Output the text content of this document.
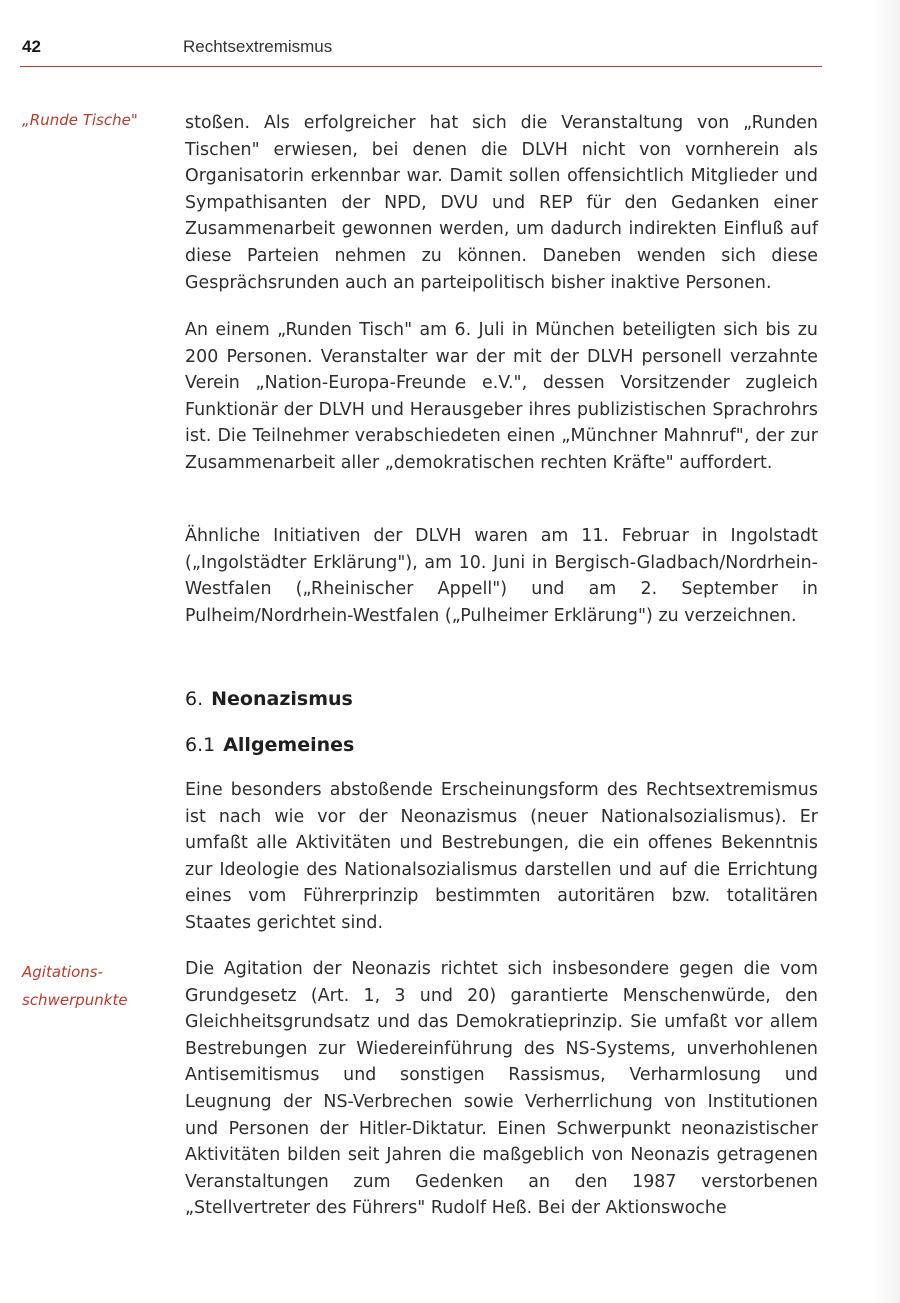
42	Rechtsextremismus
„Runde Tische"	stoßen. Als erfolgreicher hat sich die Veranstaltung von „Runden Tischen" erwiesen, bei denen die DLVH nicht von vornherein als Organisatorin erkennbar war. Damit sollen offensichtlich Mitglieder und Sympathisanten der NPD, DVU und REP für den Gedanken einer Zusammenarbeit gewonnen werden, um dadurch indirekten Einfluß auf diese Parteien nehmen zu können. Daneben wenden sich diese Gesprächsrunden auch an parteipolitisch bisher inaktive Personen.
An einem „Runden Tisch" am 6. Juli in München beteiligten sich bis zu 200 Personen. Veranstalter war der mit der DLVH personell verzahnte Verein „Nation-Europa-Freunde e.V.", dessen Vorsitzender zugleich Funktionär der DLVH und Herausgeber ihres publizistischen Sprachrohrs ist. Die Teilnehmer verabschiedeten einen „Münchner Mahnruf", der zur Zusammenarbeit aller „demokratischen rechten Kräfte" auffordert.
Ähnliche Initiativen der DLVH waren am 11. Februar in Ingolstadt („Ingolstädter Erklärung"), am 10. Juni in Bergisch-Gladbach/Nordrhein-Westfalen („Rheinischer Appell") und am 2. September in Pulheim/Nordrhein-Westfalen („Pulheimer Erklärung") zu verzeichnen.
6. Neonazismus
6.1 Allgemeines
Eine besonders abstoßende Erscheinungsform des Rechtsextremismus ist nach wie vor der Neonazismus (neuer Nationalsozialismus). Er umfaßt alle Aktivitäten und Bestrebungen, die ein offenes Bekenntnis zur Ideologie des Nationalsozialismus darstellen und auf die Errichtung eines vom Führerprinzip bestimmten autoritären bzw. totalitären Staates gerichtet sind.
Agitations-
schwerpunkte
Die Agitation der Neonazis richtet sich insbesondere gegen die vom Grundgesetz (Art. 1, 3 und 20) garantierte Menschenwürde, den Gleichheitsgrundsatz und das Demokratieprinzip. Sie umfaßt vor allem Bestrebungen zur Wiedereinführung des NS-Systems, unverhohlenen Antisemitismus und sonstigen Rassismus, Verharmlosung und Leugnung der NS-Verbrechen sowie Verherrlichung von Institutionen und Personen der Hitler-Diktatur. Einen Schwerpunkt neonazistischer Aktivitäten bilden seit Jahren die maßgeblich von Neonazis getragenen Veranstaltungen zum Gedenken an den 1987 verstorbenen „Stellvertreter des Führers" Rudolf Heß. Bei der Aktionswoche
